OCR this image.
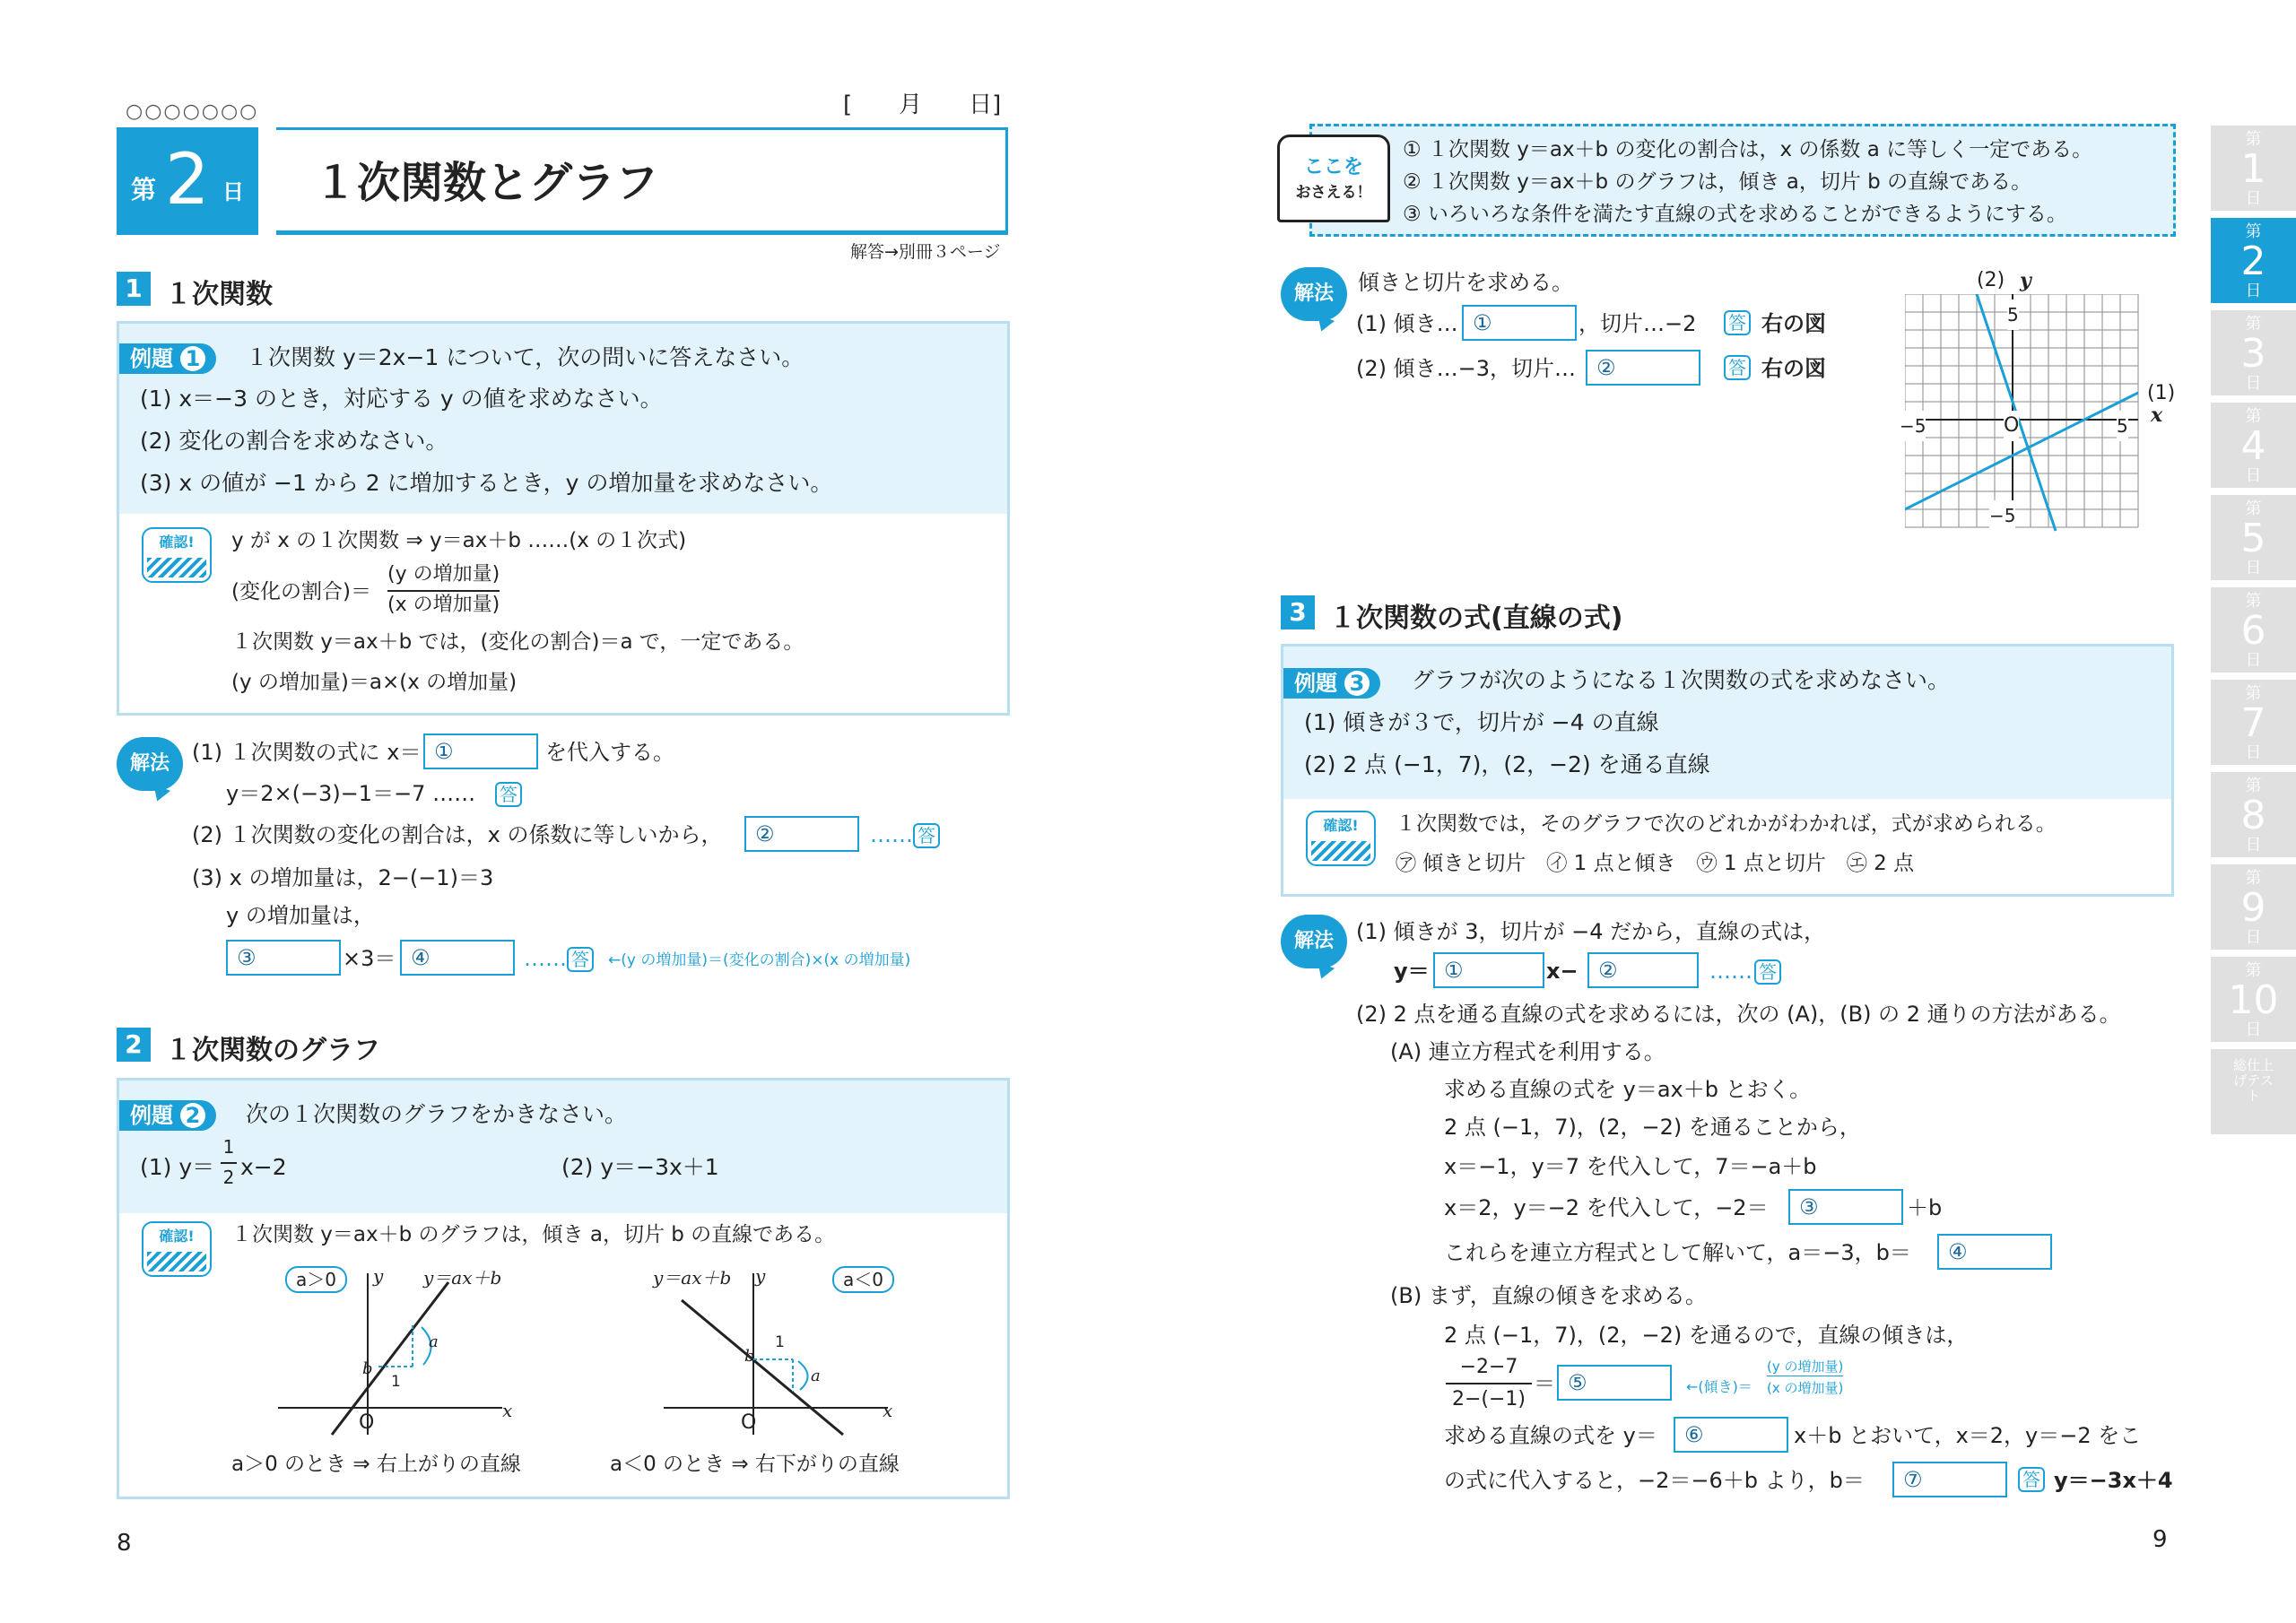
○○○○○○○	[　　月　　日]
第 2 日 １次関数とグラフ
解答→別冊３ページ
1 １次関数
例題 1	１次関数 y＝2x−1 について，次の問いに答えなさい。
(1) x＝−3 のとき，対応する y の値を求めなさい。
(2) 変化の割合を求めなさい。
(3) x の値が −1 から 2 に増加するとき，y の増加量を求めなさい。
確認!	y が x の１次関数 ⇒ y＝ax＋b ……(x の１次式)
(変化の割合)＝
(y の増加量)
(x の増加量)
１次関数 y＝ax＋b では，(変化の割合)＝a で，一定である。
(y の増加量)＝a×(x の増加量)
解法	(1) １次関数の式に x＝ ①	を代入する。
y＝2×(−3)−1＝−7 …… 答
(2) １次関数の変化の割合は，x の係数に等しいから，	②	…… 答
(3) x の増加量は，2−(−1)＝3
y の増加量は，
③	×3＝ ④	…… 答 ←(y の増加量)＝(変化の割合)×(x の増加量)
2 １次関数のグラフ
例題 2	次の１次関数のグラフをかきなさい。
(1) y＝
1
2 x−2	(2) y＝−3x＋1
確認!	１次関数 y＝ax＋b のグラフは，傾き a，切片 b の直線である。
a＞0	y y＝ax＋b
x
O
b
a
1
y＝ax＋b y	a＜0
x
O
b
a
1
a＞0 のとき ⇒ 右上がりの直線	a＜0 のとき ⇒ 右下がりの直線
8
ここを
おさえる！
① １次関数 y＝ax＋b の変化の割合は，x の係数 a に等しく一定である。
② １次関数 y＝ax＋b のグラフは，傾き a，切片 b の直線である。
③ いろいろな条件を満たす直線の式を求めることができるようにする。
解法	傾きと切片を求める。
(1) 傾き… ①	，切片…−2 答 右の図
(2) 傾き…−3，切片… ②	答 右の図
(2) y
(1)
x
O
−5	5
5
−5
3 １次関数の式(直線の式)
例題 3	グラフが次のようになる１次関数の式を求めなさい。
(1) 傾きが３で，切片が −4 の直線
(2) 2 点 (−1，7)，(2，−2) を通る直線
確認!	１次関数では，そのグラフで次のどれかがわかれば，式が求められる。
㋐ 傾きと切片　㋑ 1 点と傾き　㋒ 1 点と切片　㋓ 2 点
解法	(1) 傾きが 3，切片が −4 だから，直線の式は，
y＝ ①	x− ②	…… 答
(2) 2 点を通る直線の式を求めるには，次の (A)，(B) の 2 通りの方法がある。
(A) 連立方程式を利用する。
求める直線の式を y＝ax＋b とおく。
2 点 (−1，7)，(2，−2) を通ることから，
x＝−1，y＝7 を代入して，7＝−a＋b
x＝2，y＝−2 を代入して，−2＝	③	＋b
これらを連立方程式として解いて，a＝−3，b＝	④
(B) まず，直線の傾きを求める。
2 点 (−1，7)，(2，−2) を通るので，直線の傾きは，
−2−7
2−(−1)
＝ ⑤	←(傾き)＝
(y の増加量)
(x の増加量)
求める直線の式を y＝	⑥	x＋b とおいて，x＝2，y＝−2 をこ
の式に代入すると，−2＝−6＋b より，b＝	⑦	答 y＝−3x＋4
9
第
1
日
第
2
日
第
3
日
第
4
日
第
5
日
第
6
日
第
7
日
第
8
日
第
9
日
第
10
日
総仕上げテスト
